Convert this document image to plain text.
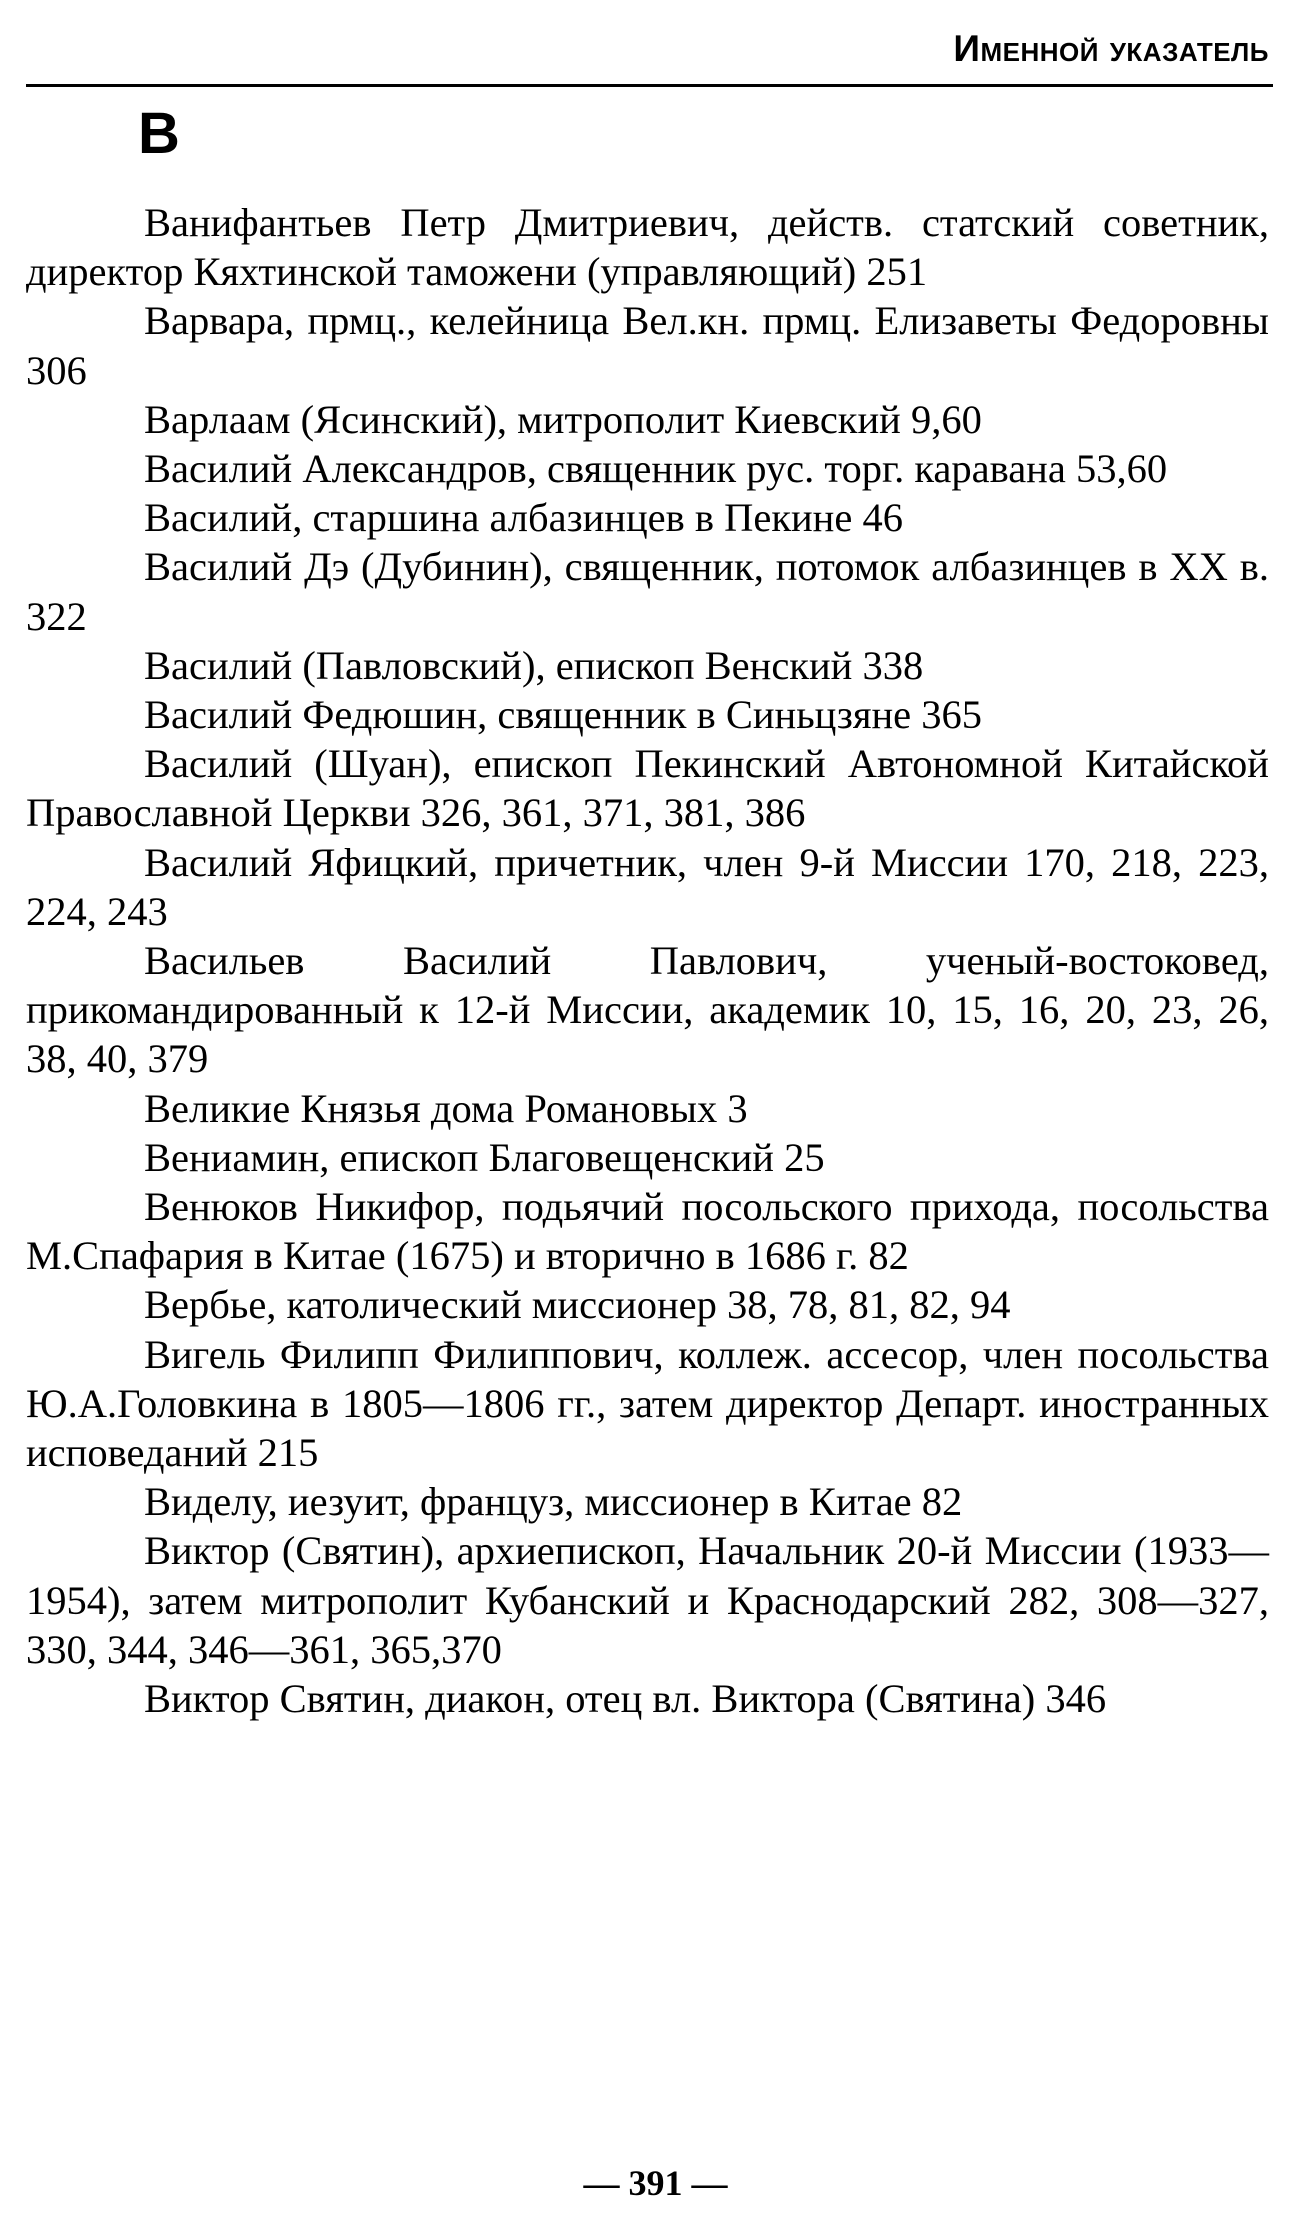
Именной указатель
В

Ванифантьев Петр Дмитриевич, действ. статский советник, директор Кяхтинской таможени (управляющий) 251

Варвара, прмц., келейница Вел.кн. прмц. Елизаветы Федоровны 306

Варлаам (Ясинский), митрополит Киевский 9,60

Василий Александров, священник рус. торг. каравана 53,60

Василий, старшина албазинцев в Пекине 46

Василий Дэ (Дубинин), священник, потомок албазинцев в XX в. 322

Василий (Павловский), епископ Венский 338

Василий Федюшин, священник в Синьцзяне 365

Василий (Шуан), епископ Пекинский Автономной Китайской Православной Церкви 326, 361, 371, 381, 386

Василий Яфицкий, причетник, член 9-й Миссии 170, 218, 223, 224, 243

Васильев Василий Павлович, ученый-востоковед, прикомандированный к 12-й Миссии, академик 10, 15, 16, 20, 23, 26, 38, 40, 379

Великие Князья дома Романовых 3

Вениамин, епископ Благовещенский 25

Венюков Никифор, подьячий посольского прихода, посольства М.Спафария в Китае (1675) и вторично в 1686 г. 82

Вербье, католический миссионер 38, 78, 81, 82, 94

Вигель Филипп Филиппович, коллеж. ассесор, член посольства Ю.А.Головкина в 1805—1806 гг., затем директор Департ. иностранных исповеданий 215

Виделу, иезуит, француз, миссионер в Китае 82

Виктор (Святин), архиепископ, Начальник 20-й Миссии (1933—1954), затем митрополит Кубанский и Краснодарский 282, 308—327, 330, 344, 346—361, 365,370

Виктор Святин, диакон, отец вл. Виктора (Святина) 346

— 391 —
